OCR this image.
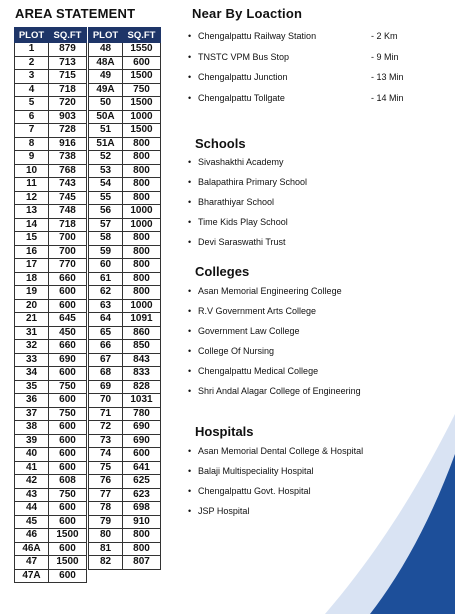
AREA STATEMENT
PLOT	SQ.FT		PLOT	SQ.FT
1	879		48	1550
2	713		48A	600
3	715		49	1500
4	718		49A	750
5	720		50	1500
6	903		50A	1000
7	728		51	1500
8	916		51A	800
9	738		52	800
10	768		53	800
11	743		54	800
12	745		55	800
13	748		56	1000
14	718		57	1000
15	700		58	800
16	700		59	800
17	770		60	800
18	660		61	800
19	600		62	800
20	600		63	1000
21	645		64	1091
31	450		65	860
32	660		66	850
33	690		67	843
34	600		68	833
35	750		69	828
36	600		70	1031
37	750		71	780
38	600		72	690
39	600		73	690
40	600		74	600
41	600		75	641
42	608		76	625
43	750		77	623
44	600		78	698
45	600		79	910
46	1500		80	800
46A	600		81	800
47	1500		82	807
47A	600			
Near By Loaction
• Chengalpattu Railway Station	- 2 Km
• TNSTC VPM Bus Stop	- 9 Min
• Chengalpattu Junction	- 13 Min
• Chengalpattu Tollgate	- 14 Min
Schools
• Sivashakthi Academy
• Balapathira Primary School
• Bharathiyar School
• Time Kids Play School
• Devi Saraswathi Trust
Colleges
• Asan Memorial Engineering College
• R.V Government Arts College
• Government Law College
• College Of Nursing
• Chengalpattu Medical College
• Shri Andal Alagar College of Engineering
Hospitals
• Asan Memorial Dental College & Hospital
• Balaji Multispeciality Hospital
• Chengalpattu Govt. Hospital
• JSP Hospital
